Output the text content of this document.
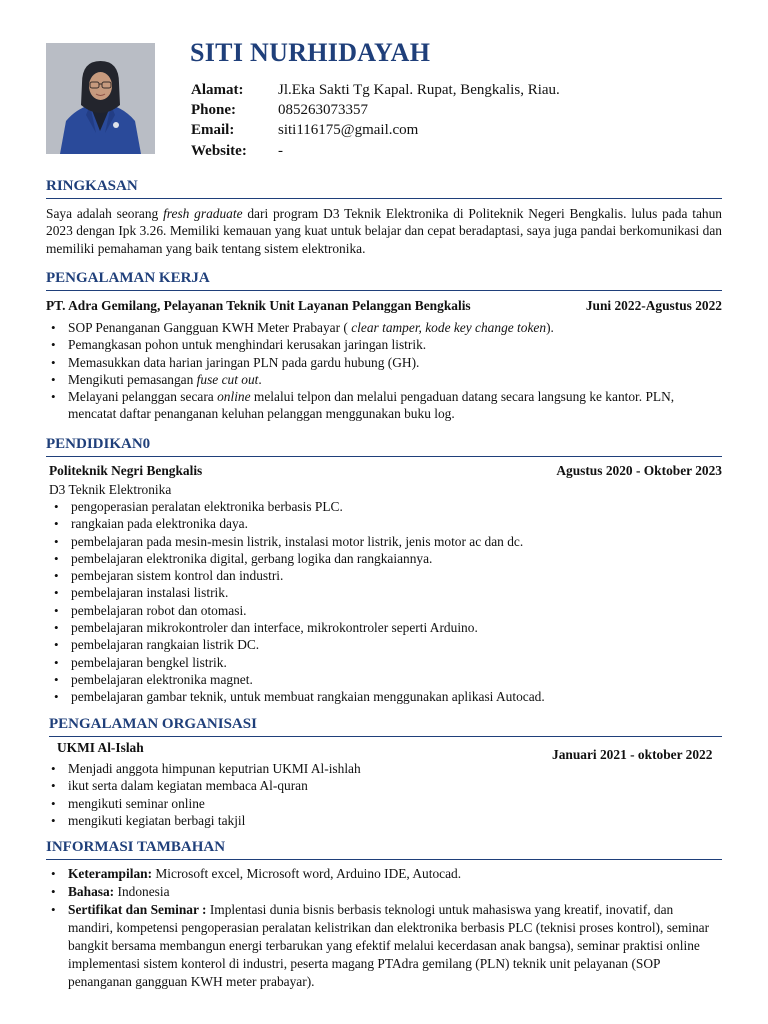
SITI NURHIDAYAH
Alamat:	Jl.Eka Sakti Tg Kapal. Rupat, Bengkalis, Riau.
Phone:	085263073357
Email:	siti116175@gmail.com
Website:	-
RINGKASAN
Saya adalah seorang fresh graduate dari program D3 Teknik Elektronika di Politeknik Negeri Bengkalis. lulus pada tahun 2023 dengan Ipk 3.26. Memiliki kemauan yang kuat untuk belajar dan cepat beradaptasi, saya juga pandai berkomunikasi dan memiliki pemahaman yang baik tentang sistem elektronika.
PENGALAMAN KERJA
PT. Adra Gemilang, Pelayanan Teknik Unit Layanan Pelanggan Bengkalis	Juni 2022-Agustus 2022
• SOP Penanganan Gangguan KWH Meter Prabayar ( clear tamper, kode key change token).
• Pemangkasan pohon untuk menghindari kerusakan jaringan listrik.
• Memasukkan data harian jaringan PLN pada gardu hubung (GH).
• Mengikuti pemasangan fuse cut out.
• Melayani pelanggan secara online melalui telpon dan melalui pengaduan datang secara langsung ke kantor. PLN, mencatat daftar penanganan keluhan pelanggan menggunakan buku log.
PENDIDIKAN0
Politeknik Negri Bengkalis	Agustus 2020 - Oktober 2023
D3 Teknik Elektronika
• pengoperasian peralatan elektronika berbasis PLC.
• rangkaian pada elektronika daya.
• pembelajaran pada mesin-mesin listrik, instalasi motor listrik, jenis motor ac dan dc.
• pembelajaran elektronika digital, gerbang logika dan rangkaiannya.
• pembejaran sistem kontrol dan industri.
• pembelajaran instalasi listrik.
• pembelajaran robot dan otomasi.
• pembelajaran mikrokontroler dan interface, mikrokontroler seperti Arduino.
• pembelajaran rangkaian listrik DC.
• pembelajaran bengkel listrik.
• pembelajaran elektronika magnet.
• pembelajaran gambar teknik, untuk membuat rangkaian menggunakan aplikasi Autocad.
PENGALAMAN ORGANISASI
UKMI Al-Islah	Januari 2021 - oktober 2022
• Menjadi anggota himpunan keputrian UKMI Al-ishlah
• ikut serta dalam kegiatan membaca Al-quran
• mengikuti seminar online
• mengikuti kegiatan berbagi takjil
INFORMASI TAMBAHAN
• Keterampilan: Microsoft excel, Microsoft word, Arduino IDE, Autocad.
• Bahasa: Indonesia
• Sertifikat dan Seminar : Implentasi dunia bisnis berbasis teknologi untuk mahasiswa yang kreatif, inovatif, dan mandiri, kompetensi pengoperasian peralatan kelistrikan dan elektronika berbasis PLC (teknisi proses kontrol), seminar bangkit bersama membangun energi terbarukan yang efektif melalui kecerdasan anak bangsa), seminar praktisi online implementasi sistem konterol di industri, peserta magang PTAdra gemilang (PLN) teknik unit pelayanan (SOP penanganan gangguan KWH meter prabayar).
